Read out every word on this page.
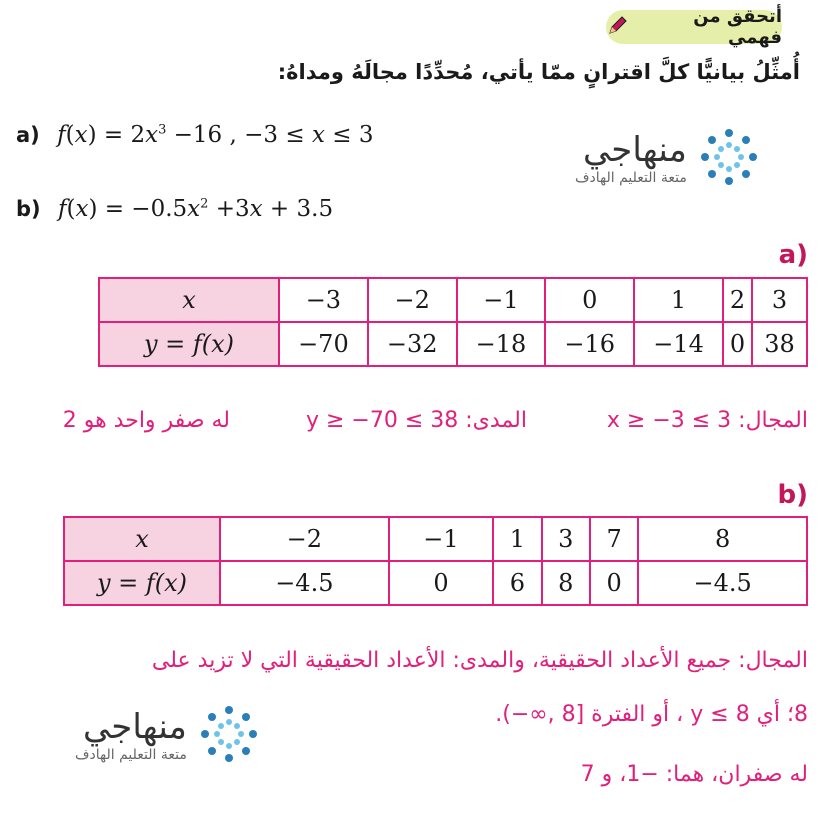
أتحقق من فهمي
أُمثِّلُ بيانيًّا كلَّ اقترانٍ ممّا يأتي، مُحدِّدًا مجالَهُ ومداهُ:
a) $f(x) = 2x^3 -16$ , −3 ≤ x ≤ 3
b) $f(x) = -0.5x^2 +3x + 3.5$
منهاجي
متعة التعليم الهادف
a)
x	−3	−2	−1	0	1	2	3
y = f(x)	−70	−32	−18	−16	−14	0	38
المجال: 3 ≥ x ≥ −3
المدى: 38 ≥ y ≥ −70
له صفر واحد هو 2
b)
x	−2	−1	1	3	7	8
y = f(x)	−4.5	0	6	8	0	−4.5
المجال: جميع الأعداد الحقيقية، والمدى: الأعداد الحقيقية التي لا تزيد على
8؛ أي 8 ≥ y ، أو الفترة [8 ,∞−).
له صفران، هما: −1، و 7
منهاجي
متعة التعليم الهادف
